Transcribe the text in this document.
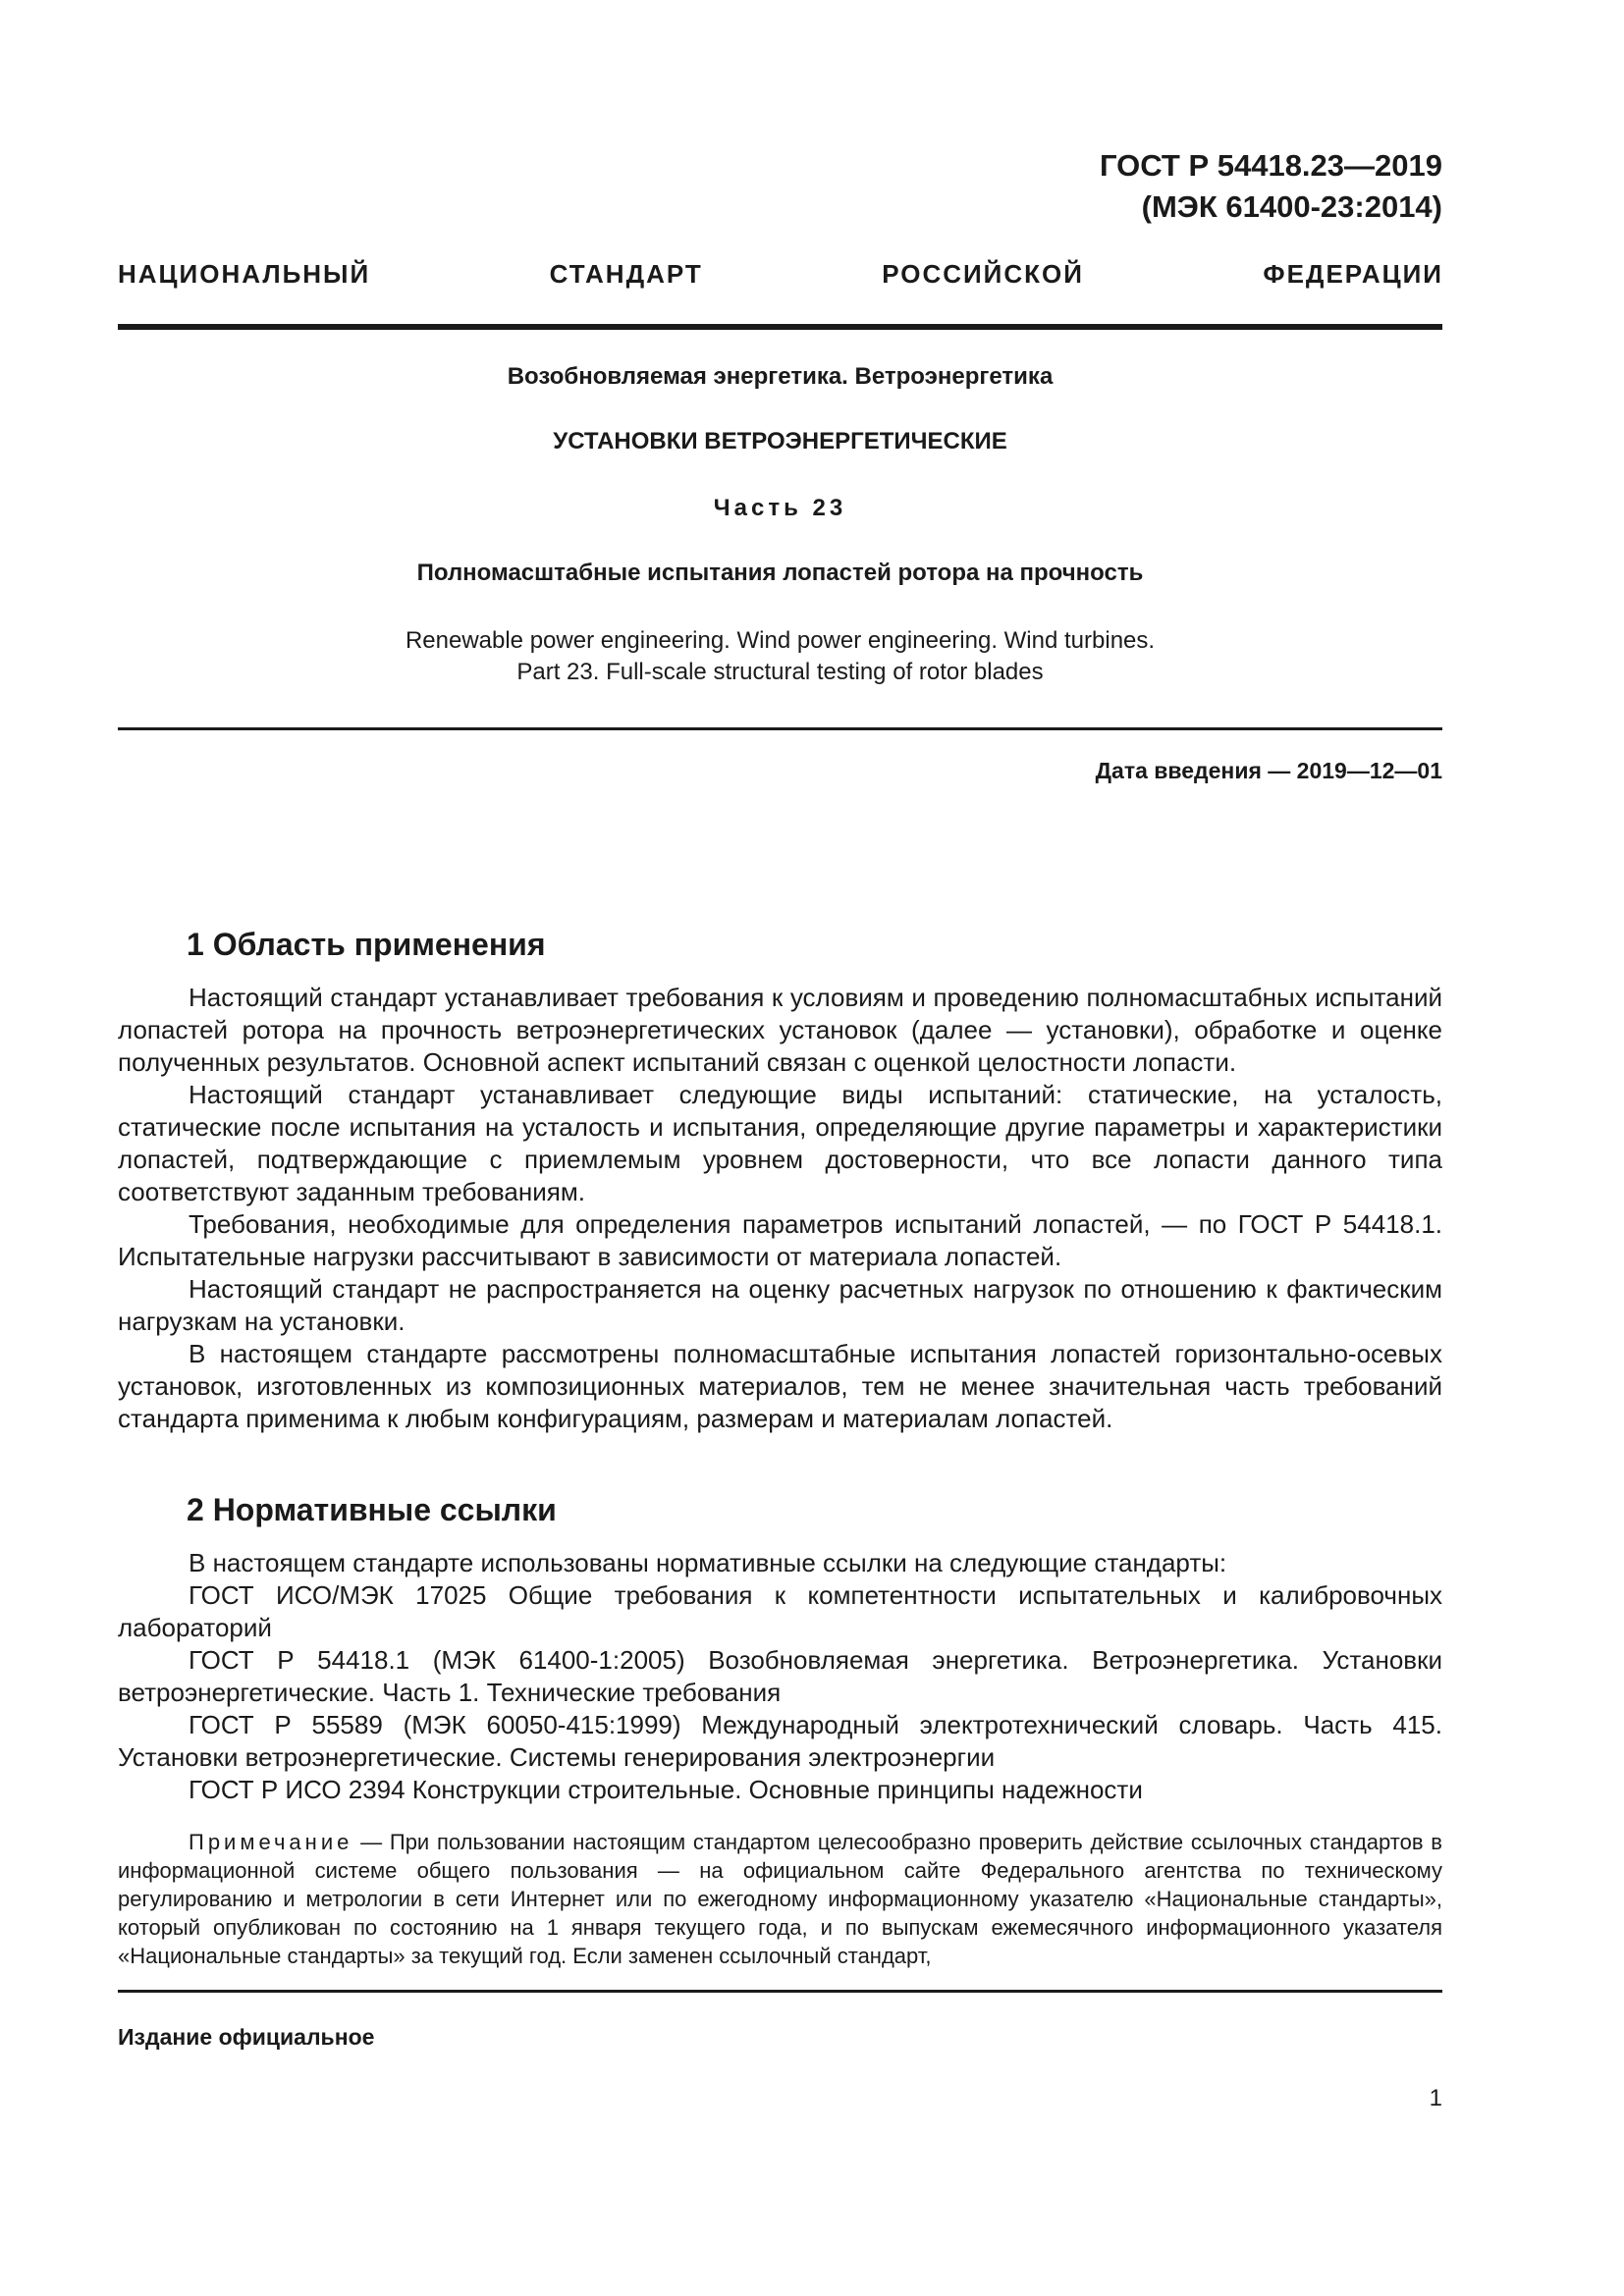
ГОСТ Р 54418.23—2019
(МЭК 61400-23:2014)
НАЦИОНАЛЬНЫЙ СТАНДАРТ РОССИЙСКОЙ ФЕДЕРАЦИИ
Возобновляемая энергетика. Ветроэнергетика
УСТАНОВКИ ВЕТРОЭНЕРГЕТИЧЕСКИЕ
Часть 23
Полномасштабные испытания лопастей ротора на прочность
Renewable power engineering. Wind power engineering. Wind turbines.
Part 23. Full-scale structural testing of rotor blades
Дата введения — 2019—12—01
1 Область применения

Настоящий стандарт устанавливает требования к условиям и проведению полномасштабных испытаний лопастей ротора на прочность ветроэнергетических установок (далее — установки), обработке и оценке полученных результатов. Основной аспект испытаний связан с оценкой целостности лопасти.

Настоящий стандарт устанавливает следующие виды испытаний: статические, на усталость, статические после испытания на усталость и испытания, определяющие другие параметры и характеристики лопастей, подтверждающие с приемлемым уровнем достоверности, что все лопасти данного типа соответствуют заданным требованиям.

Требования, необходимые для определения параметров испытаний лопастей, — по ГОСТ Р 54418.1. Испытательные нагрузки рассчитывают в зависимости от материала лопастей.

Настоящий стандарт не распространяется на оценку расчетных нагрузок по отношению к фактическим нагрузкам на установки.

В настоящем стандарте рассмотрены полномасштабные испытания лопастей горизонтально-осевых установок, изготовленных из композиционных материалов, тем не менее значительная часть требований стандарта применима к любым конфигурациям, размерам и материалам лопастей.

2 Нормативные ссылки

В настоящем стандарте использованы нормативные ссылки на следующие стандарты:

ГОСТ ИСО/МЭК 17025 Общие требования к компетентности испытательных и калибровочных лабораторий

ГОСТ Р 54418.1 (МЭК 61400-1:2005) Возобновляемая энергетика. Ветроэнергетика. Установки ветроэнергетические. Часть 1. Технические требования

ГОСТ Р 55589 (МЭК 60050-415:1999) Международный электротехнический словарь. Часть 415. Установки ветроэнергетические. Системы генерирования электроэнергии

ГОСТ Р ИСО 2394 Конструкции строительные. Основные принципы надежности

Примечание — При пользовании настоящим стандартом целесообразно проверить действие ссылочных стандартов в информационной системе общего пользования — на официальном сайте Федерального агентства по техническому регулированию и метрологии в сети Интернет или по ежегодному информационному указателю «Национальные стандарты», который опубликован по состоянию на 1 января текущего года, и по выпускам ежемесячного информационного указателя «Национальные стандарты» за текущий год. Если заменен ссылочный стандарт,
Издание официальное
1
